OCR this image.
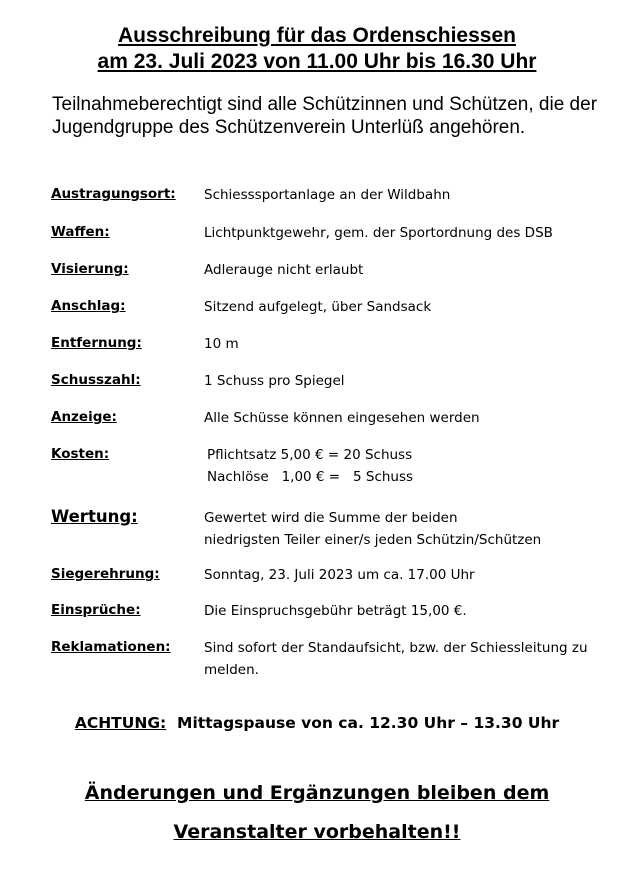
Ausschreibung für das Ordenschiessen
am 23. Juli 2023 von 11.00 Uhr bis 16.30 Uhr
Teilnahmeberechtigt sind alle Schützinnen und Schützen, die der
Jugendgruppe des Schützenverein Unterlüß angehören.
Austragungsort: Schiesssportanlage an der Wildbahn
Waffen:	Lichtpunktgewehr, gem. der Sportordnung des DSB
Visierung:	Adlerauge nicht erlaubt
Anschlag:	Sitzend aufgelegt, über Sandsack
Entfernung:	10 m
Schusszahl:	1 Schuss pro Spiegel
Anzeige:	Alle Schüsse können eingesehen werden
Kosten:	Pflichtsatz 5,00 € = 20 Schuss
Nachlöse   1,00 € =   5 Schuss
Wertung:	Gewertet wird die Summe der beiden
niedrigsten Teiler einer/s jeden Schützin/Schützen
Siegerehrung:	Sonntag, 23. Juli 2023 um ca. 17.00 Uhr
Einsprüche:	Die Einspruchsgebühr beträgt 15,00 €.
Reklamationen: Sind sofort der Standaufsicht, bzw. der Schiessleitung zu melden.
ACHTUNG: Mittagspause von ca. 12.30 Uhr – 13.30 Uhr
Änderungen und Ergänzungen bleiben dem
Veranstalter vorbehalten!!
